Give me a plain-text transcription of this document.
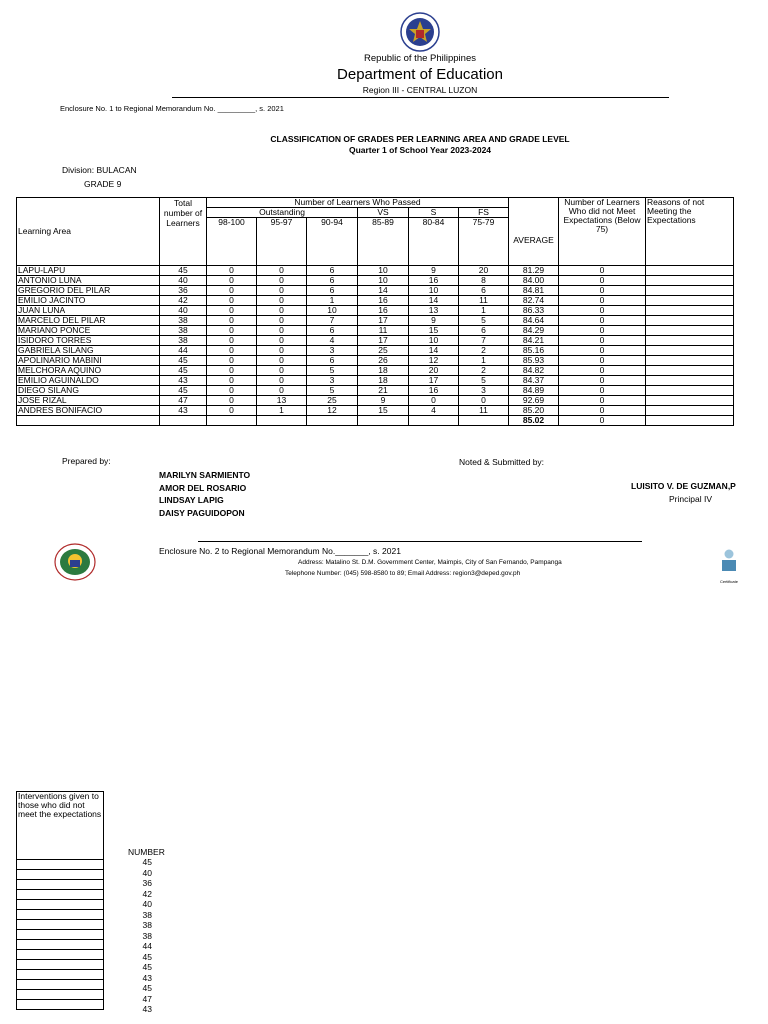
Republic of the Philippines
Department of Education
Region III - CENTRAL LUZON
Enclosure No. 1 to Regional Memorandum No. _________, s. 2021
CLASSIFICATION OF GRADES PER LEARNING AREA AND GRADE LEVEL
Quarter 1 of School Year 2023-2024
Division: BULACAN
GRADE 9
Learning Area	Total number of Learners	Number of Learners Who Passed						AVERAGE	Number of Learners Who did not Meet Expectations (Below 75)	Reasons of not Meeting the Expectations
		Outstanding			VS	S	FS			
		98-100	95-97	90-94	85-89	80-84	75-79			
LAPU-LAPU	45	0	0	6	10	9	20	81.29	0	
ANTONIO LUNA	40	0	0	6	10	16	8	84.00	0	
GREGORIO DEL PILAR	36	0	0	6	14	10	6	84.81	0	
EMILIO JACINTO	42	0	0	1	16	14	11	82.74	0	
JUAN LUNA	40	0	0	10	16	13	1	86.33	0	
MARCELO DEL PILAR	38	0	0	7	17	9	5	84.64	0	
MARIANO PONCE	38	0	0	6	11	15	6	84.29	0	
ISIDORO TORRES	38	0	0	4	17	10	7	84.21	0	
GABRIELA SILANG	44	0	0	3	25	14	2	85.16	0	
APOLINARIO MABINI	45	0	0	6	26	12	1	85.93	0	
MELCHORA AQUINO	45	0	0	5	18	20	2	84.82	0	
EMILIO AGUINALDO	43	0	0	3	18	17	5	84.37	0	
DIEGO SILANG	45	0	0	5	21	16	3	84.89	0	
JOSE RIZAL	47	0	13	25	9	0	0	92.69	0	
ANDRES BONIFACIO	43	0	1	12	15	4	11	85.20	0	
								85.02	0	
Prepared by:
MARILYN SARMIENTO
AMOR DEL ROSARIO
LINDSAY LAPIG
DAISY PAGUIDOPON
Noted & Submitted by:
LUISITO V. DE GUZMAN,P
Principal IV
Enclosure No. 2 to Regional Memorandum No._______, s. 2021
Address: Matalino St. D.M. Government Center, Maimpis, City of San Fernando, Pampanga
Telephone Number: (045) 598-8580 to 89; Email Address: region3@deped.gov.ph
Certificate
Interventions given to those who did not meet the expectations

NUMBER
45
40
36
42
40
38
38
38
44
45
45
43
45
47
43
